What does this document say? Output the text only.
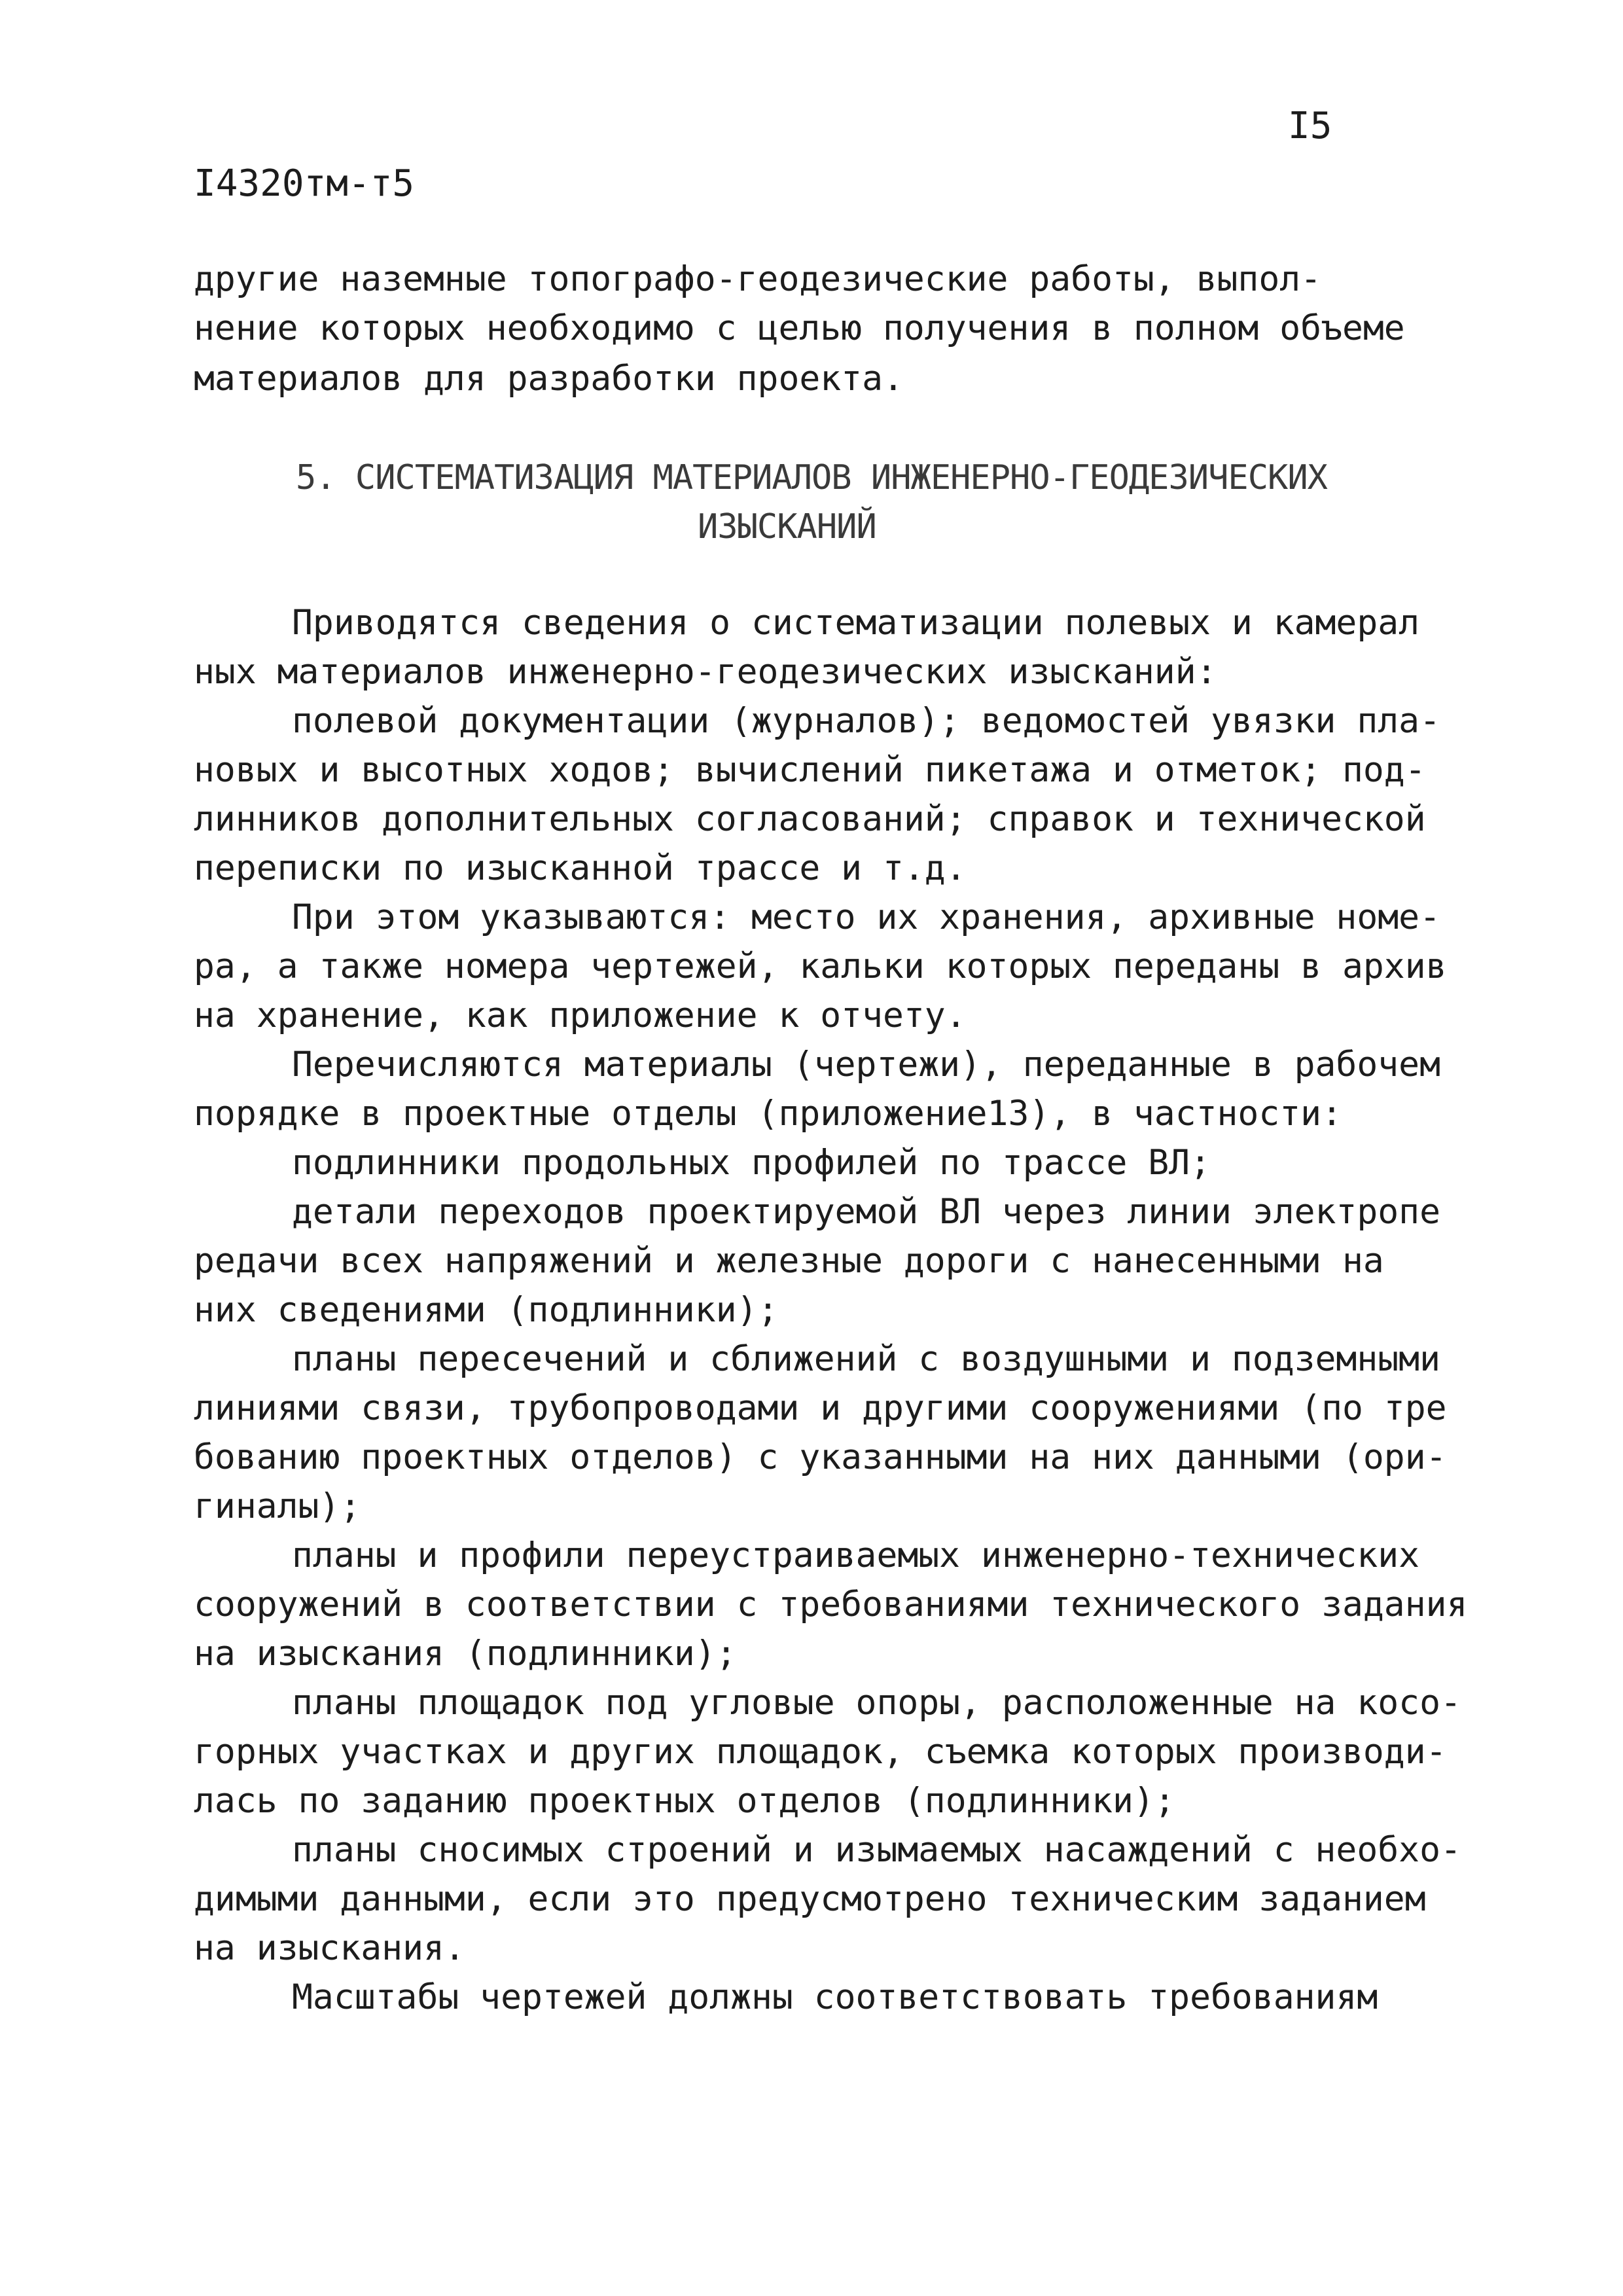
I5
I4320тм-т5
другие наземные топографо-геодезические работы, выпол-
нение которых необходимо с целью получения в полном объеме
материалов для разработки проекта.
5. СИСТЕМАТИЗАЦИЯ МАТЕРИАЛОВ ИНЖЕНЕРНО-ГЕОДЕЗИЧЕСКИХ
ИЗЫСКАНИЙ
Приводятся сведения о систематизации полевых и камерал
ных материалов инженерно-геодезических изысканий:
полевой документации (журналов); ведомостей увязки пла-
новых и высотных ходов; вычислений пикетажа и отметок; под-
линников дополнительных согласований; справок и технической
переписки по изысканной трассе и т.д.
При этом указываются: место их хранения, архивные номе-
ра, а также номера чертежей, кальки которых переданы в архив
на хранение, как приложение к отчету.
Перечисляются материалы (чертежи), переданные в рабочем
порядке в проектные отделы (приложение13), в частности:
подлинники продольных профилей по трассе ВЛ;
детали переходов проектируемой ВЛ через линии электропе
редачи всех напряжений и железные дороги с нанесенными на
них сведениями (подлинники);
планы пересечений и сближений с воздушными и подземными
линиями связи, трубопроводами и другими сооружениями (по тре
бованию проектных отделов) с указанными на них данными (ори-
гиналы);
планы и профили переустраиваемых инженерно-технических
сооружений в соответствии с требованиями технического задания
на изыскания (подлинники);
планы площадок под угловые опоры, расположенные на косо-
горных участках и других площадок, съемка которых производи-
лась по заданию проектных отделов (подлинники);
планы сносимых строений и изымаемых насаждений с необхо-
димыми данными, если это предусмотрено техническим заданием
на изыскания.
Масштабы чертежей должны соответствовать требованиям
